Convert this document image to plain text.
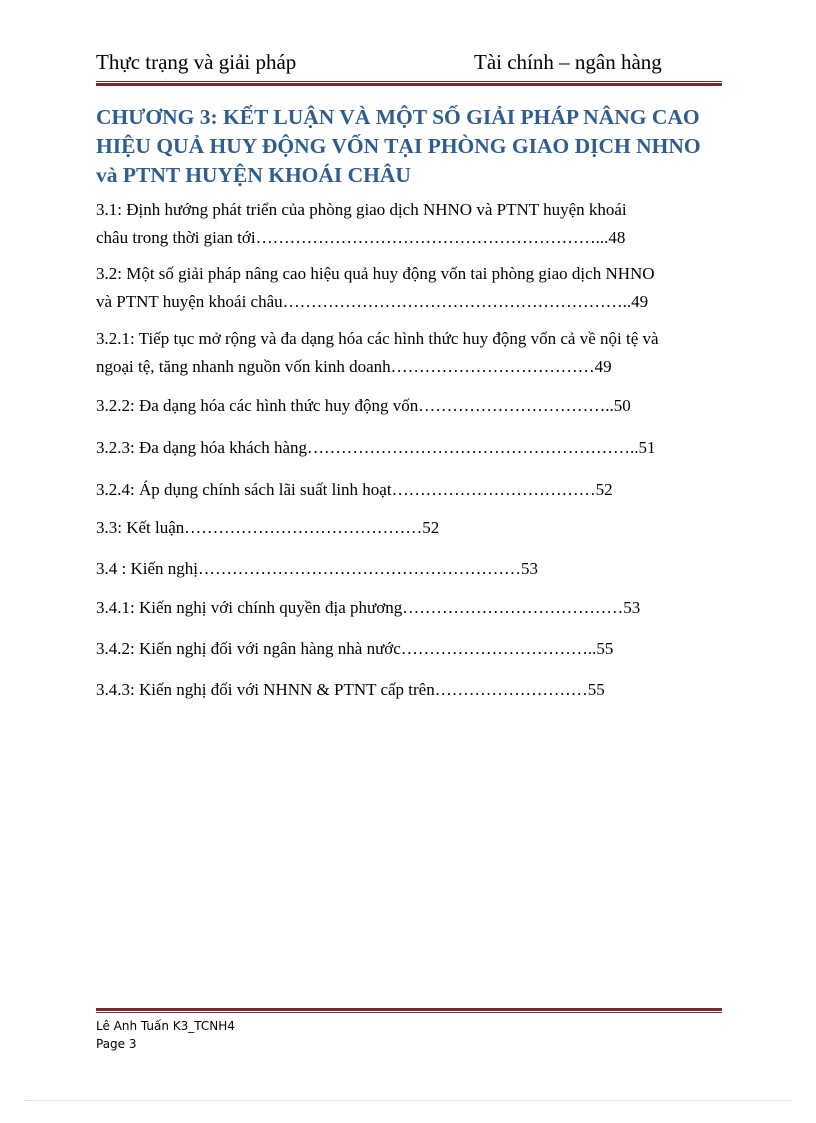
Thực trạng và giải pháp	Tài chính – ngân hàng
CHƯƠNG 3: KẾT LUẬN VÀ MỘT SỐ GIẢI PHÁP NÂNG CAO
HIỆU QUẢ HUY ĐỘNG VỐN TẠI PHÒNG GIAO DỊCH NHNO
và PTNT HUYỆN KHOÁI CHÂU
3.1: Định hướng phát triển của phòng giao dịch NHNO và PTNT huyện khoái
châu trong thời gian tới……………………………………………………...48
3.2: Một số giải pháp nâng cao hiệu quả huy động vốn tai phòng giao dịch NHNO
và PTNT huyện khoái châu……………………………………………………..49
3.2.1: Tiếp tục mở rộng và đa dạng hóa các hình thức huy động vốn cả về nội tệ và
ngoại tệ, tăng nhanh nguồn vốn kinh doanh………………………………49
3.2.2: Đa dạng hóa các hình thức huy động vốn……………………………..50
3.2.3: Đa dạng hóa khách hàng…………………………………………………..51
3.2.4: Áp dụng chính sách lãi suất linh hoạt………………………………52
3.3: Kết luận……………………………………52
3.4 : Kiến nghị…………………………………………………53
3.4.1: Kiến nghị với chính quyền địa phương…………………………………53
3.4.2: Kiến nghị đối với ngân hàng nhà nước……………………………..55
3.4.3: Kiến nghị đối với NHNN & PTNT cấp trên………………………55
Lê Anh Tuấn K3_TCNH4
Page 3
